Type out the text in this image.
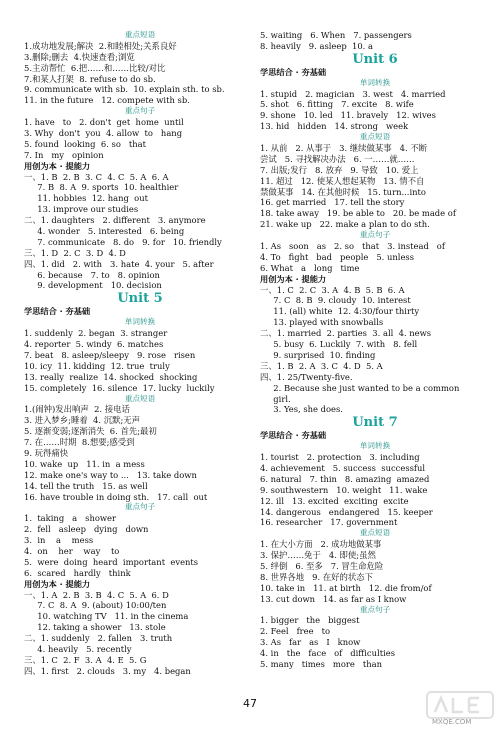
重点短语
1.成功地发展;解决  2.和睦相处;关系良好
3.删除;删去  4.快速查看;浏览
5.主动帮忙  6.把……和……比较/对比
7.和某人打架  8. refuse to do sb.
9. communicate with sb.  10. explain sth. to sb.
11. in the future   12. compete with sb.
重点句子
1. have   to   2. don't  get  home  until
3. Why  don't  you  4. allow  to   hang
5. found  looking  6. so   that
7. In   my   opinion
用创为本 · 提能力
一、1. B  2. B  3. C  4. C  5. A  6. A
7. B  8. A  9. sports  10. healthier
11. hobbies  12. hang  out
13. improve our studies
二、1. daughters   2. different   3. anymore
4. wonder   5. interested   6. being
7. communicate   8. do   9. for   10. friendly
三、1. D  2. C  3. D  4. D
四、1. did   2. with   3. hate  4. your   5. after
6. because   7. to   8. opinion
9. development   10. decision
Unit 5
学思结合 · 夯基础
单词转换
1. suddenly  2. began  3. stranger
4. reporter  5. windy  6. matches
7. beat   8. asleep/sleepy   9. rose   risen
10. icy  11. kidding  12. true  truly
13. really  realize  14. shocked  shocking
15. completely  16. silence  17. lucky  luckily
重点短语
1.(闹钟)发出响声  2. 接电话
3. 进入梦乡;睡着  4. 沉默;无声
5. 逐渐变弱;逐渐消失  6. 首先;最初
7. 在……时期  8.想要;感受到
9. 玩得痛快
10. wake  up   11. in  a mess
12. make one's way to ...   13. take down
14. tell the truth   15. as well
16. have trouble in doing sth.   17. call  out
重点句子
1.  taking   a   shower
2.  fell   asleep   dying   down
3.  in    a    mess
4.  on    her    way    to
5.  were  doing  heard  important  events
6.  scared   hardly   think
用创为本 · 提能力
一、1. A  2. B  3. B  4. C  5. A  6. D
7. C  8. A  9. (about) 10:00/ten
10. watching TV   11. in the cinema
12. taking a shower   13. stole
二、1. suddenly   2. fallen   3. truth
4. heavily   5. recently
三、1. C  2. F  3. A  4. E  5. G
四、1. first   2. clouds   3. my   4. began
5. waiting   6. When   7. passengers
8. heavily   9. asleep  10. a
Unit 6
学思结合 · 夯基础
单词转换
1. stupid   2. magician   3. west   4. married
5. shot   6. fitting   7. excite   8. wife
9. shone   10. led   11. bravely   12. wives
13. hid   hidden   14. strong   week
重点短语
1. 从前   2. 从事于   3. 继续做某事   4. 不断
尝试   5. 寻找解决办法   6. 一……就……
7. 出版;发行   8. 放弃   9. 导致   10. 爱上
11. 超过   12. 使某人想起某物   13. 情不自
禁做某事   14. 在其他时候   15. turn...into
16. get married   17. tell the story
18. take away   19. be able to   20. be made of
21. wake up   22. make a plan to do sth.
重点句子
1. As   soon   as   2. so   that   3. instead   of
4. To   fight   bad   people   5. unless
6. What   a   long   time
用创为本 · 提能力
一、1. C  2. C  3. A  4. B  5. B  6. A
7. C  8. B  9. cloudy  10. interest
11. (all) white  12. 4:30/four thirty
13. played with snowballs
二、1. married  2. parties  3. all  4. news
5. busy  6. Luckily  7. with   8. fell
9. surprised  10. finding
三、1. B  2. A  3. C  4. D  5. A
四、1. 25/Twenty-five.
2. Because she just wanted to be a common
girl.
3. Yes, she does.
Unit 7
学思结合 · 夯基础
单词转换
1. tourist   2. protection   3. including
4. achievement   5. success  successful
6. natural   7. thin   8. amazing  amazed
9. southwestern   10. weight   11. wake
12. ill   13. excited  exciting  excite
14. dangerous   endangered   15. keeper
16. researcher   17. government
重点短语
1. 在大小方面   2. 成功地做某事
3. 保护……免于   4. 即使;虽然
5. 绊倒   6. 至多   7. 冒生命危险
8. 世界各地   9. 在好的状态下
10. take in   11. at birth   12. die from/of
13. cut down   14. as far as I know
重点句子
1. bigger   the   biggest
2. Feel   free   to
3. As   far   as   I   know
4. in   the   face   of   difficulties
5. many   times   more   than
47
MXQE.COM
